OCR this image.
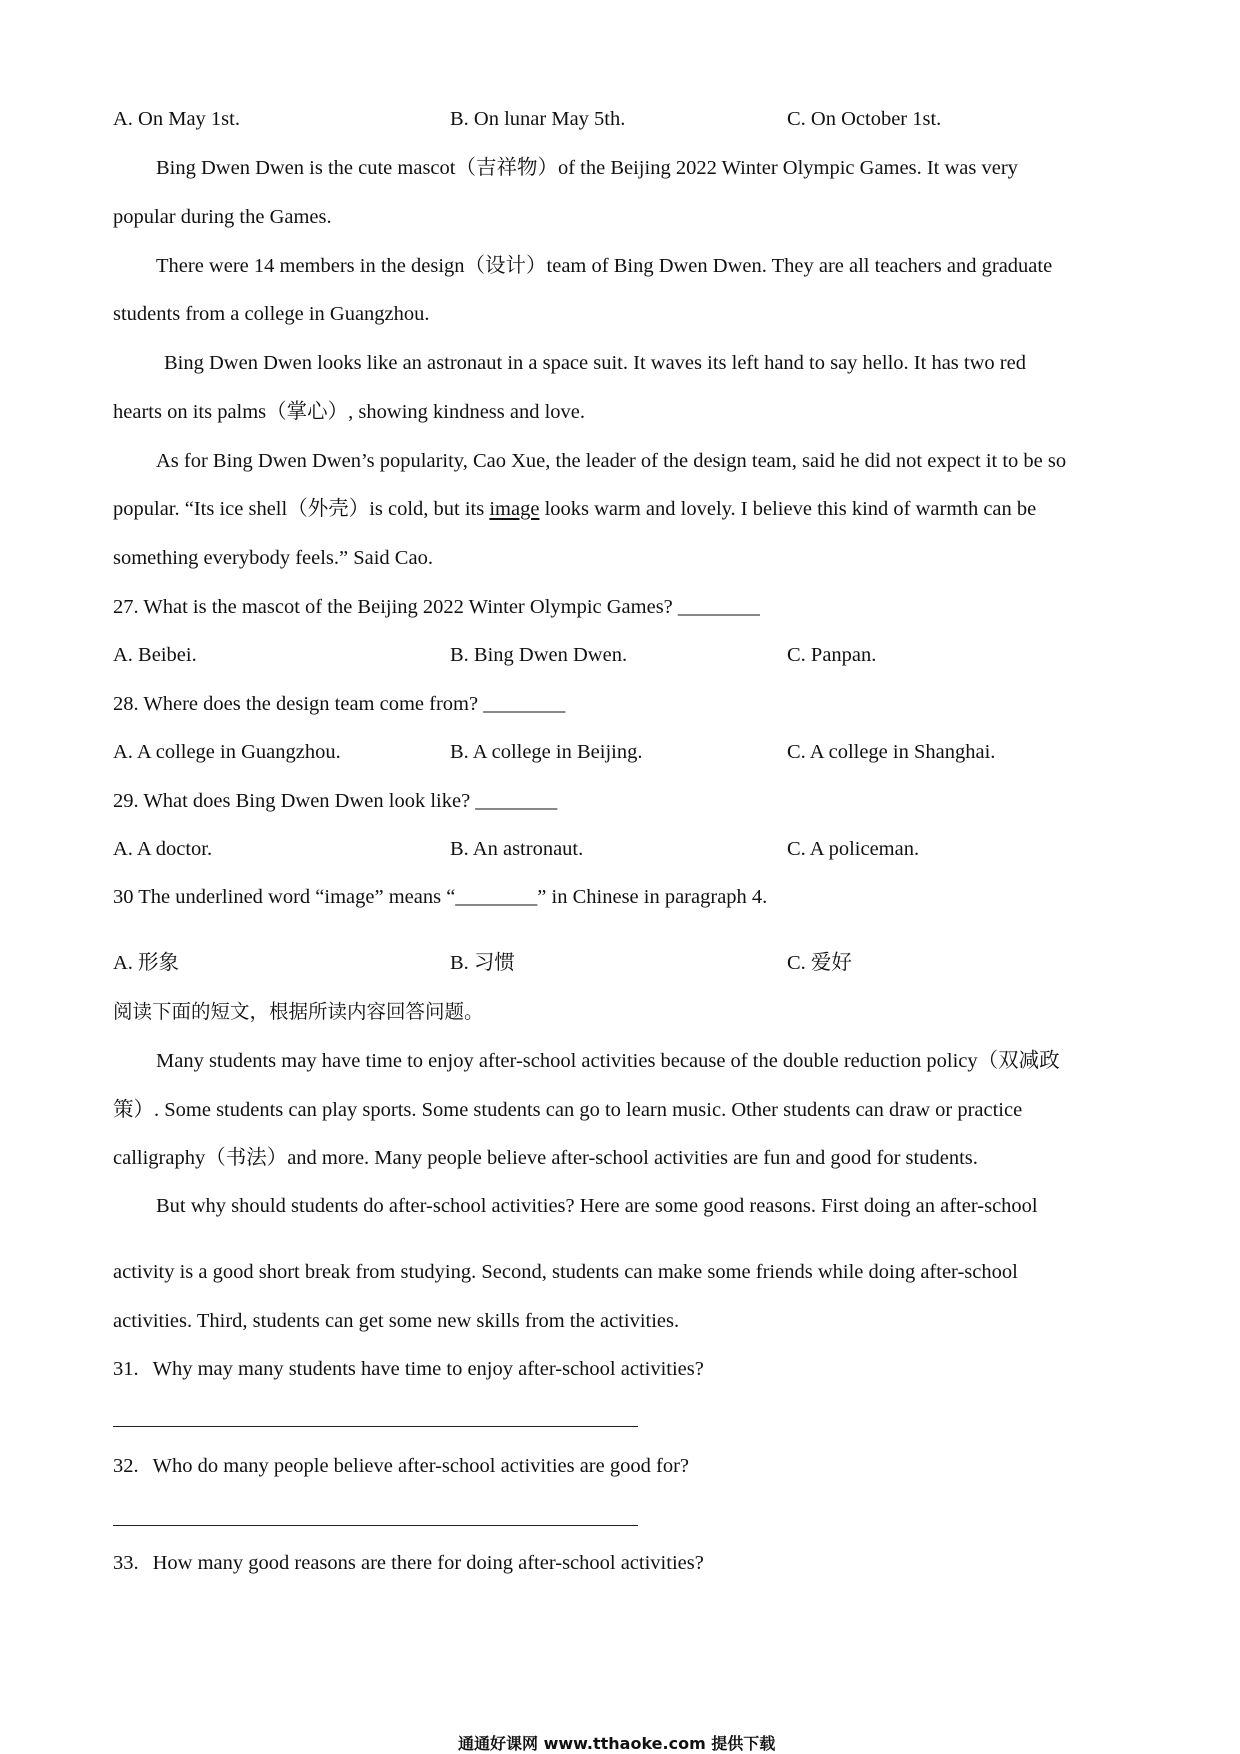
A. On May 1st.	B. On lunar May 5th.	C. On October 1st.
Bing Dwen Dwen is the cute mascot（吉祥物）of the Beijing 2022 Winter Olympic Games. It was very
popular during the Games.
There were 14 members in the design（设计）team of Bing Dwen Dwen. They are all teachers and graduate
students from a college in Guangzhou.
Bing Dwen Dwen looks like an astronaut in a space suit. It waves its left hand to say hello. It has two red
hearts on its palms（掌心）, showing kindness and love.
As for Bing Dwen Dwen’s popularity, Cao Xue, the leader of the design team, said he did not expect it to be so
popular. “Its ice shell（外壳）is cold, but its image looks warm and lovely. I believe this kind of warmth can be
something everybody feels.” Said Cao.
27. What is the mascot of the Beijing 2022 Winter Olympic Games? ________
A. Beibei.	B. Bing Dwen Dwen.	C. Panpan.
28. Where does the design team come from? ________
A. A college in Guangzhou.	B. A college in Beijing.	C. A college in Shanghai.
29. What does Bing Dwen Dwen look like? ________
A. A doctor.	B. An astronaut.	C. A policeman.
30 The underlined word “image” means “________” in Chinese in paragraph 4.
A. 形象	B. 习惯	C. 爱好
阅读下面的短文，根据所读内容回答问题。
Many students may have time to enjoy after-school activities because of the double reduction policy（双减政
策）. Some students can play sports. Some students can go to learn music. Other students can draw or practice
calligraphy（书法）and more. Many people believe after-school activities are fun and good for students.
But why should students do after-school activities? Here are some good reasons. First doing an after-school
activity is a good short break from studying. Second, students can make some friends while doing after-school
activities. Third, students can get some new skills from the activities.
31. Why may many students have time to enjoy after-school activities?
32. Who do many people believe after-school activities are good for?
33. How many good reasons are there for doing after-school activities?
通通好课网 www.tthaoke.com 提供下载
